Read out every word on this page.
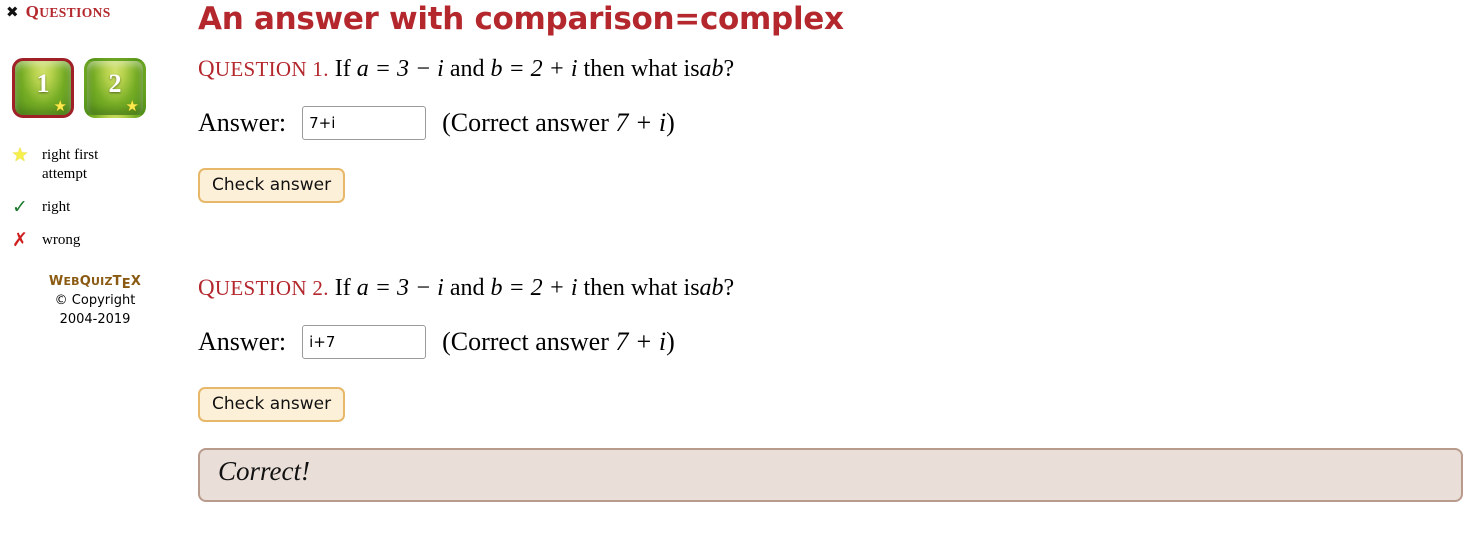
✖ QUESTIONS
1
★
2
★
★ right first attempt
✓ right
✗ wrong
WEBQUIZTEX
© Copyright
2004-2019
An answer with comparison=complex
QUESTION 1. If a = 3 − i and b = 2 + i then what isab?
Answer:
7+i	(Correct answer 7 + i)
Check answer
QUESTION 2. If a = 3 − i and b = 2 + i then what isab?
Answer:
i+7	(Correct answer 7 + i)
Check answer
Correct!
